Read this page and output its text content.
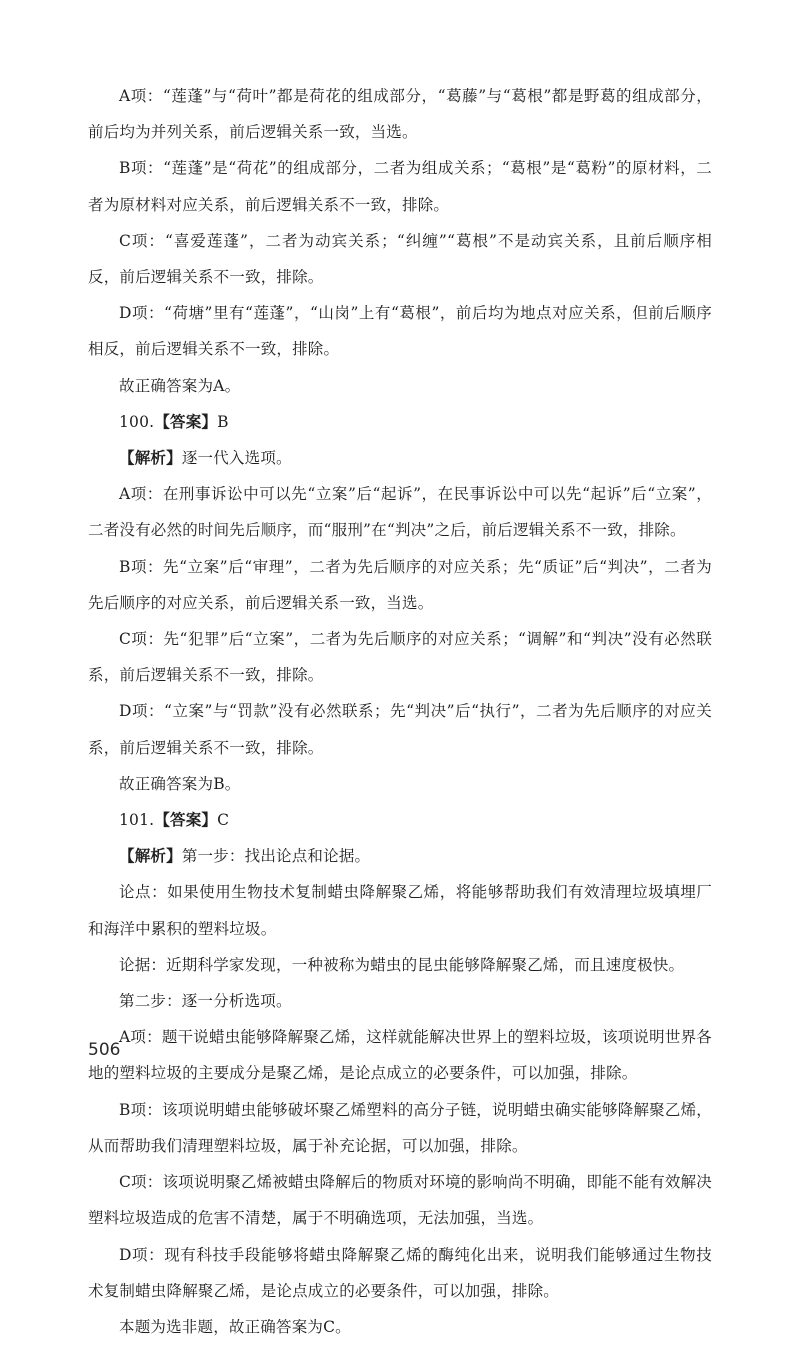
A项：“莲蓬”与“荷叶”都是荷花的组成部分，“葛藤”与“葛根”都是野葛的组成部分，前后均为并列关系，前后逻辑关系一致，当选。

B项：“莲蓬”是“荷花”的组成部分，二者为组成关系；“葛根”是“葛粉”的原材料，二者为原材料对应关系，前后逻辑关系不一致，排除。

C项：“喜爱莲蓬”，二者为动宾关系；“纠缠”“葛根”不是动宾关系，且前后顺序相反，前后逻辑关系不一致，排除。

D项：“荷塘”里有“莲蓬”，“山岗”上有“葛根”，前后均为地点对应关系，但前后顺序相反，前后逻辑关系不一致，排除。

故正确答案为A。

100.【答案】B

【解析】逐一代入选项。

A项：在刑事诉讼中可以先“立案”后“起诉”，在民事诉讼中可以先“起诉”后“立案”，二者没有必然的时间先后顺序，而“服刑”在“判决”之后，前后逻辑关系不一致，排除。

B项：先“立案”后“审理”，二者为先后顺序的对应关系；先“质证”后“判决”，二者为先后顺序的对应关系，前后逻辑关系一致，当选。

C项：先“犯罪”后“立案”，二者为先后顺序的对应关系；“调解”和“判决”没有必然联系，前后逻辑关系不一致，排除。

D项：“立案”与“罚款”没有必然联系；先“判决”后“执行”，二者为先后顺序的对应关系，前后逻辑关系不一致，排除。

故正确答案为B。

101.【答案】C

【解析】第一步：找出论点和论据。

论点：如果使用生物技术复制蜡虫降解聚乙烯，将能够帮助我们有效清理垃圾填埋厂和海洋中累积的塑料垃圾。

论据：近期科学家发现，一种被称为蜡虫的昆虫能够降解聚乙烯，而且速度极快。

第二步：逐一分析选项。

A项：题干说蜡虫能够降解聚乙烯，这样就能解决世界上的塑料垃圾，该项说明世界各地的塑料垃圾的主要成分是聚乙烯，是论点成立的必要条件，可以加强，排除。

B项：该项说明蜡虫能够破坏聚乙烯塑料的高分子链，说明蜡虫确实能够降解聚乙烯，从而帮助我们清理塑料垃圾，属于补充论据，可以加强，排除。

C项：该项说明聚乙烯被蜡虫降解后的物质对环境的影响尚不明确，即能不能有效解决塑料垃圾造成的危害不清楚，属于不明确选项，无法加强，当选。

D项：现有科技手段能够将蜡虫降解聚乙烯的酶纯化出来，说明我们能够通过生物技术复制蜡虫降解聚乙烯，是论点成立的必要条件，可以加强，排除。

本题为选非题，故正确答案为C。

506
